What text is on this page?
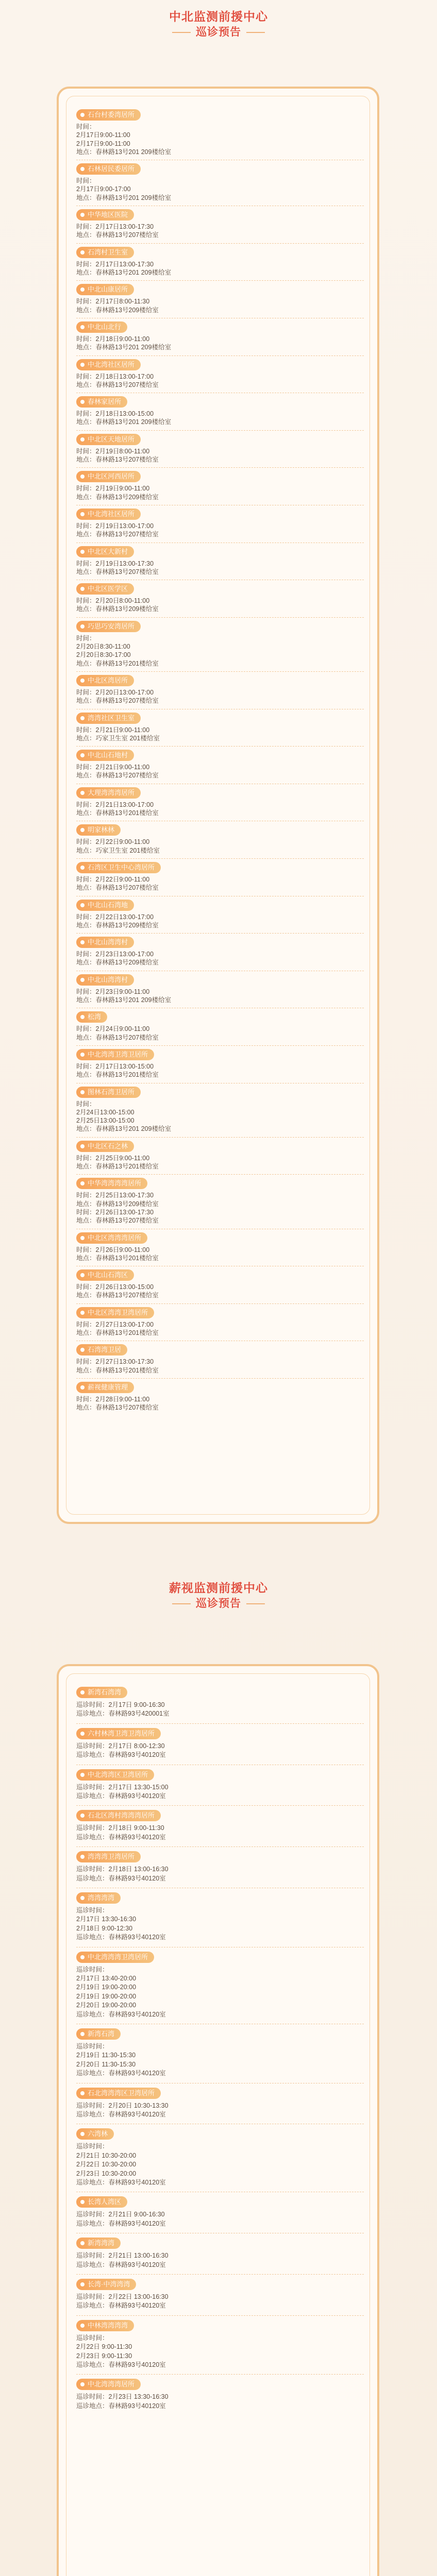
中北监测前援中心
巡诊预告
石台村委湾居所
时间：
2月17日9:00-11:00
2月17日9:00-11:00
地点：春林路13号201 209楼给室
石林居民委居所
时间：
2月17日9:00-17:00
地点：春林路13号201 209楼给室
中华地区医院
时间：2月17日13:00-17:30
地点：春林路13号207楼给室
石湾村卫生室
时间：2月17日13:00-17:30
地点：春林路13号201 209楼给室
中北山康居所
时间：2月17日8:00-11:30
地点：春林路13号209楼给室
中北山北行
时间：2月18日9:00-11:00
地点：春林路13号201 209楼给室
中北湾社区居所
时间：2月18日13:00-17:00
地点：春林路13号207楼给室
春林家居所
时间：2月18日13:00-15:00
地点：春林路13号201 209楼给室
中北区天地居所
时间：2月19日8:00-11:00
地点：春林路13号207楼给室
中北区河西居所
时间：2月19日9:00-11:00
地点：春林路13号209楼给室
中北湾社区居所
时间：2月19日13:00-17:00
地点：春林路13号207楼给室
中北区大新村
时间：2月19日13:00-17:30
地点：春林路13号207楼给室
中北区医学区
时间：2月20日8:00-11:00
地点：春林路13号209楼给室
巧思巧安湾居所
时间：
2月20日8:30-11:00
2月20日8:30-17:00
地点：春林路13号201楼给室
中北区湾居所
时间：2月20日13:00-17:00
地点：春林路13号207楼给室
湾湾社区卫生室
时间：2月21日9:00-11:00
地点：巧家卫生室 201楼给室
中北山石地村
时间：2月21日9:00-11:00
地点：春林路13号207楼给室
大理湾湾湾居所
时间：2月21日13:00-17:00
地点：春林路13号201楼给室
明家林林
时间：2月22日9:00-11:00
地点：巧家卫生室 201楼给室
石湾区卫生中心湾居所
时间：2月22日9:00-11:00
地点：春林路13号207楼给室
中北山石湾地
时间：2月22日13:00-17:00
地点：春林路13号209楼给室
中北山湾湾村
时间：2月23日13:00-17:00
地点：春林路13号209楼给室
中北山湾湾村
时间：2月23日9:00-11:00
地点：春林路13号201 209楼给室
松湾
时间：2月24日9:00-11:00
地点：春林路13号207楼给室
中北湾湾卫湾卫居所
时间：2月17日13:00-15:00
地点：春林路13号201楼给室
图林石湾卫居所
时间：
2月24日13:00-15:00
2月25日13:00-15:00
地点：春林路13号201 209楼给室
中北区石之林
时间：2月25日9:00-11:00
地点：春林路13号201楼给室
中华湾湾湾湾居所
时间：2月25日13:00-17:30
地点：春林路13号209楼给室
时间：2月26日13:00-17:30
地点：春林路13号207楼给室
中北区湾湾湾居所
时间：2月26日9:00-11:00
地点：春林路13号201楼给室
中北山石湾区
时间：2月26日13:00-15:00
地点：春林路13号207楼给室
中北区湾湾卫湾居所
时间：2月27日13:00-17:00
地点：春林路13号201楼给室
石湾湾卫居
时间：2月27日13:00-17:30
地点：春林路13号201楼给室
薪视健康管理
时间：2月28日9:00-11:00
地点：春林路13号207楼给室
薪视监测前援中心
巡诊预告
新湾石湾湾
巡诊时间：2月17日 9:00-16:30
巡诊地点：春林路93号420001室
六村林湾卫湾卫湾居所
巡诊时间：2月17日 8:00-12:30
巡诊地点：春林路93号40120室
中北湾湾区卫湾居所
巡诊时间：2月17日 13:30-15:00
巡诊地点：春林路93号40120室
石北区湾村湾湾湾居所
巡诊时间：2月18日 9:00-11:30
巡诊地点：春林路93号40120室
湾湾湾卫湾居所
巡诊时间：2月18日 13:00-16:30
巡诊地点：春林路93号40120室
湾湾湾湾
巡诊时间：
2月17日 13:30-16:30
2月18日 9:00-12:30
巡诊地点：春林路93号40120室
中北湾湾湾卫湾居所
巡诊时间：
2月17日 13:40-20:00
2月19日 19:00-20:00
2月19日 19:00-20:00
2月20日 19:00-20:00
巡诊地点：春林路93号40120室
新湾石湾
巡诊时间：
2月19日 11:30-15:30
2月20日 11:30-15:30
巡诊地点：春林路93号40120室
石北湾湾湾区卫湾居所
巡诊时间：2月20日 10:30-13:30
巡诊地点：春林路93号40120室
六湾林
巡诊时间：
2月21日 10:30-20:00
2月22日 10:30-20:00
2月23日 10:30-20:00
巡诊地点：春林路93号40120室
长湾人湾区
巡诊时间：2月21日 9:00-16:30
巡诊地点：春林路93号40120室
新湾湾湾
巡诊时间：2月21日 13:00-16:30
巡诊地点：春林路93号40120室
长湾·中湾湾湾
巡诊时间：2月22日 13:00-16:30
巡诊地点：春林路93号40120室
中林湾湾湾湾
巡诊时间：
2月22日 9:00-11:30
2月23日 9:00-11:30
巡诊地点：春林路93号40120室
中北湾湾湾居所
巡诊时间：2月23日 13:30-16:30
巡诊地点：春林路93号40120室
